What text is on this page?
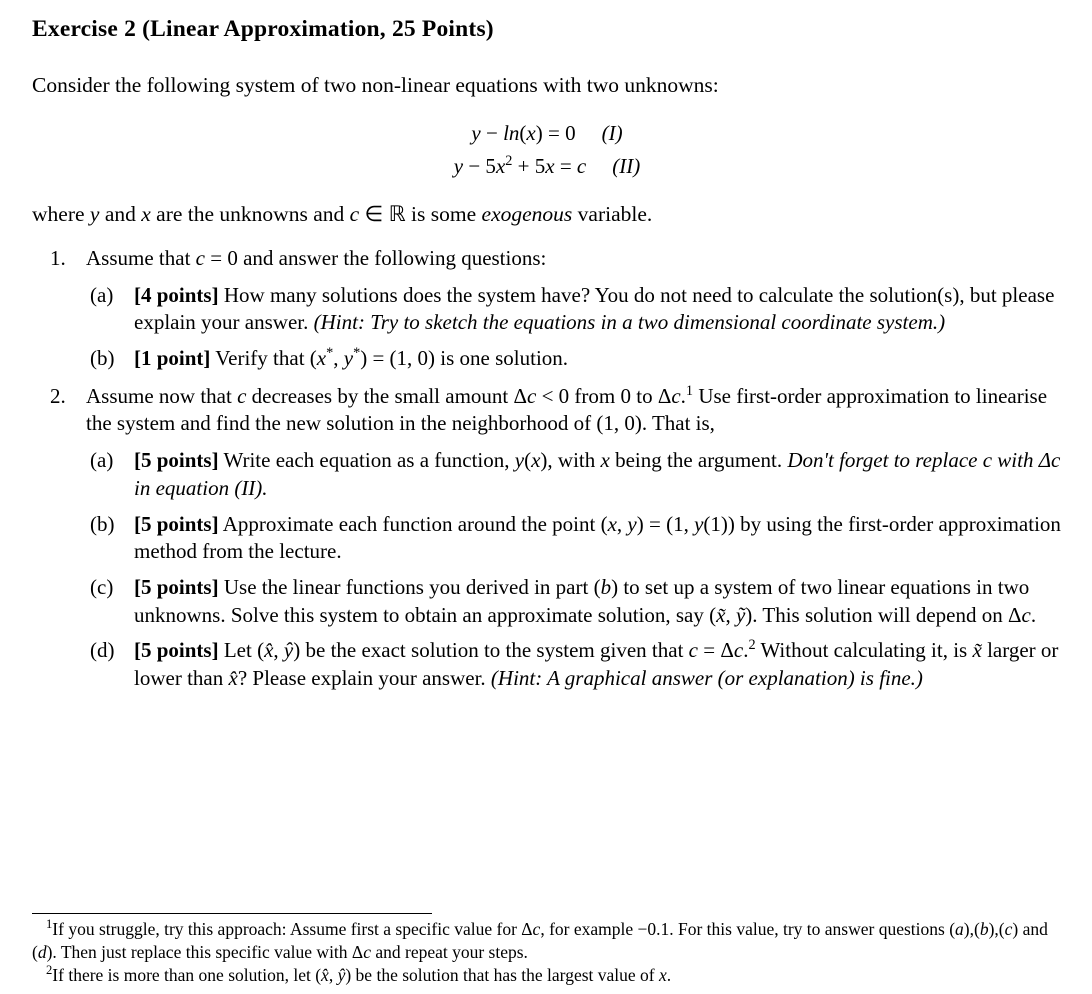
Exercise 2 (Linear Approximation, 25 Points)

Consider the following system of two non-linear equations with two unknowns:

y − ln(x) = 0 (I)
$y - 5x^2 + 5x = c$ (II)

where y and x are the unknowns and c ∈ ℝ is some exogenous variable.

1. Assume that c = 0 and answer the following questions:
(a) [4 points] How many solutions does the system have? You do not need to calculate the solution(s), but please explain your answer. (Hint: Try to sketch the equations in a two dimensional coordinate system.)
(b) [1 point] Verify that (x*, y*) = (1, 0) is one solution.
2. Assume now that c decreases by the small amount Δc < 0 from 0 to Δc.$^1$ Use first-order approximation to linearise the system and find the new solution in the neighborhood of (1, 0). That is,
(a) [5 points] Write each equation as a function, y(x), with x being the argument. Don't forget to replace c with Δc in equation (II).
(b) [5 points] Approximate each function around the point (x, y) = (1, y(1)) by using the first-order approximation method from the lecture.
(c) [5 points] Use the linear functions you derived in part (b) to set up a system of two linear equations in two unknowns. Solve this system to obtain an approximate solution, say (x̃, ỹ). This solution will depend on Δc.
(d) [5 points] Let (x̂, ŷ) be the exact solution to the system given that c = Δc.$^2$ Without calculating it, is x̃ larger or lower than x̂? Please explain your answer. (Hint: A graphical answer (or explanation) is fine.)

$^1$If you struggle, try this approach: Assume first a specific value for Δc, for example −0.1. For this value, try to answer questions (a),(b),(c) and (d). Then just replace this specific value with Δc and repeat your steps.

$^2$If there is more than one solution, let (x̂, ŷ) be the solution that has the largest value of x.
